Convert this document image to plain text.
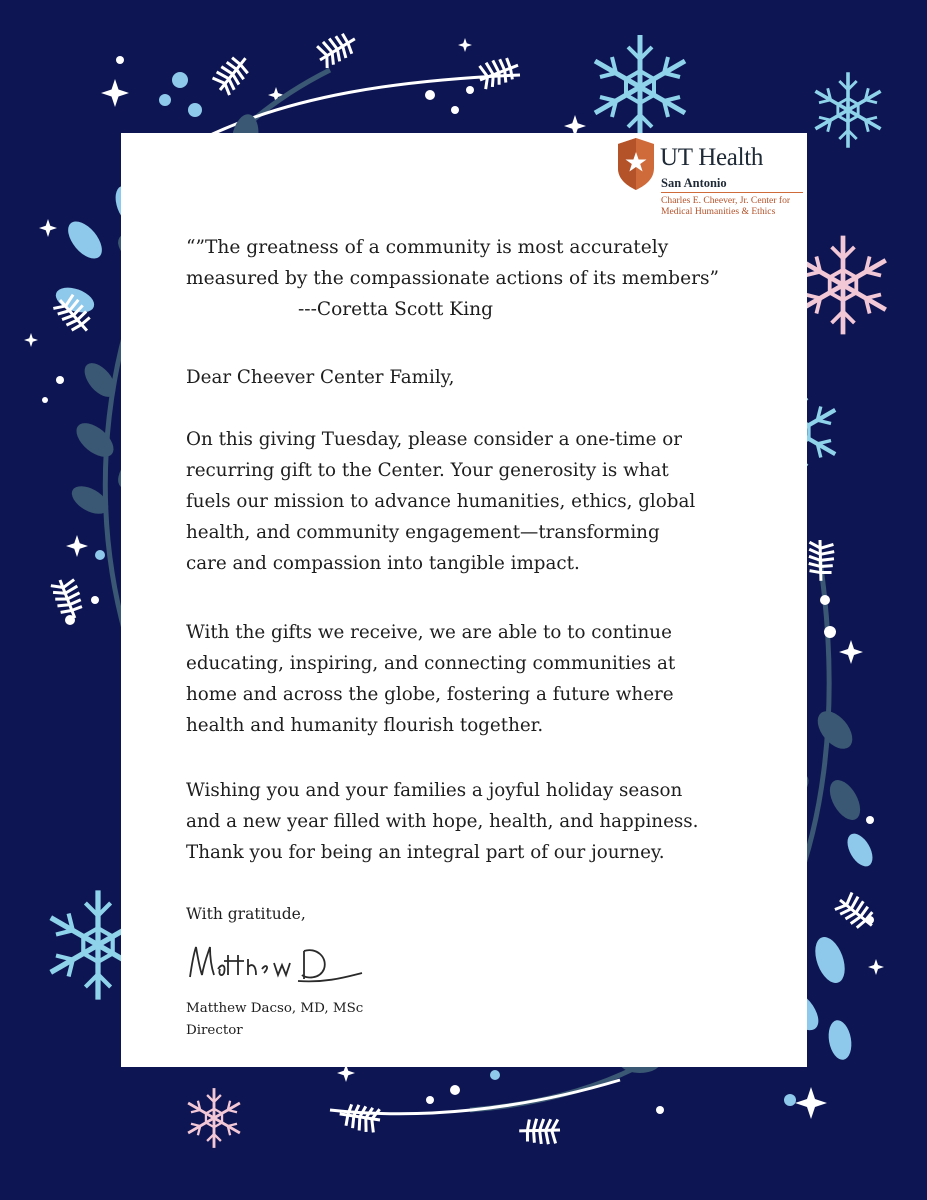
UT Health
San Antonio
Charles E. Cheever, Jr. Center for
Medical Humanities & Ethics
“”The greatness of a community is most accurately
measured by the compassionate actions of its members”
---Coretta Scott King
Dear Cheever Center Family,
On this giving Tuesday, please consider a one-time or
recurring gift to the Center. Your generosity is what
fuels our mission to advance humanities, ethics, global
health, and community engagement—transforming
care and compassion into tangible impact.
With the gifts we receive, we are able to to continue
educating, inspiring, and connecting communities at
home and across the globe, fostering a future where
health and humanity flourish together.
Wishing you and your families a joyful holiday season
and a new year filled with hope, health, and happiness.
Thank you for being an integral part of our journey.
With gratitude,
Matthew Dacso, MD, MSc
Director
